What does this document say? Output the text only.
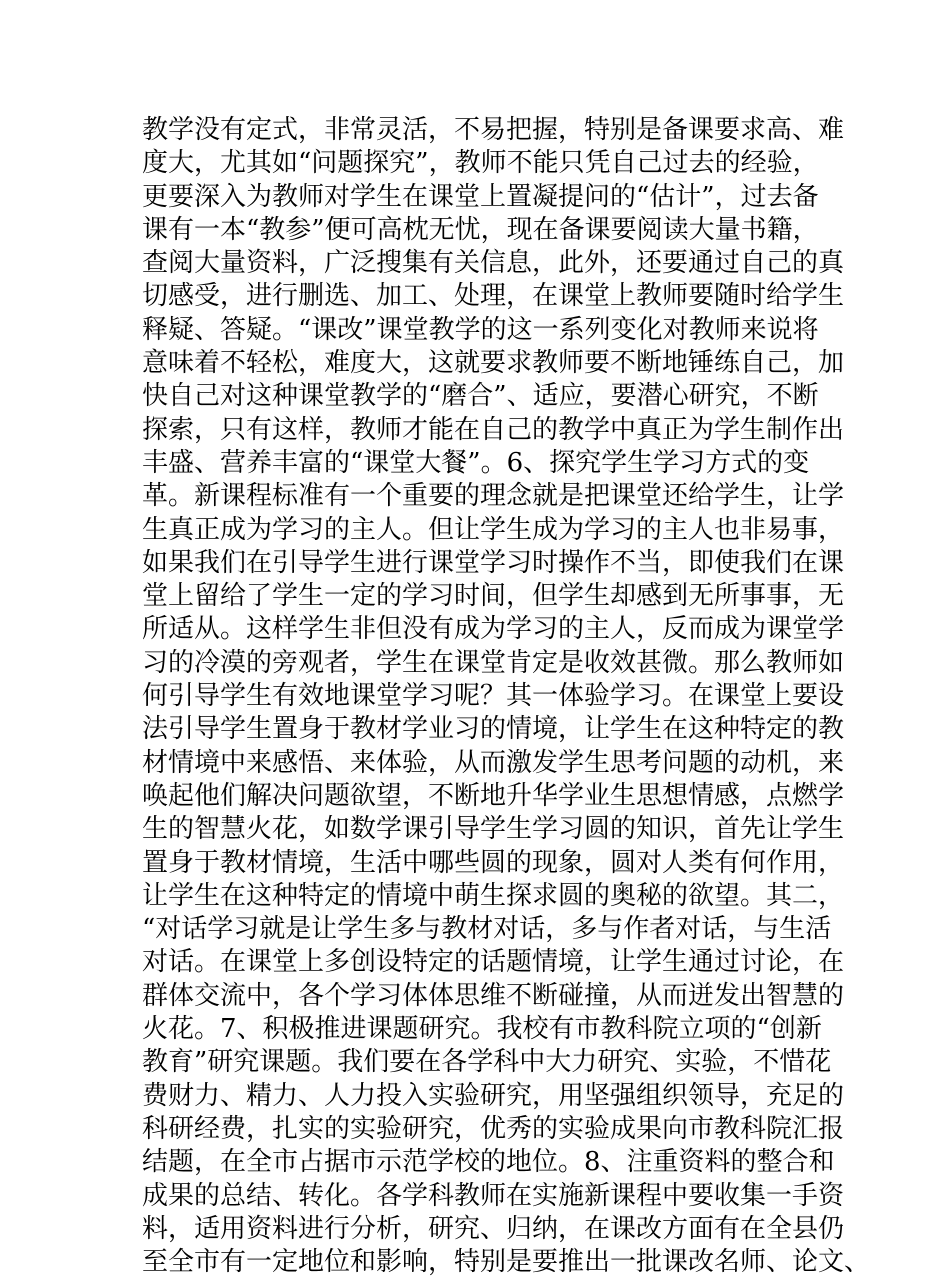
教学没有定式，非常灵活，不易把握，特别是备课要求高、难
度大，尤其如“问题探究”，教师不能只凭自己过去的经验，
更要深入为教师对学生在课堂上置凝提问的“估计”，过去备
课有一本“教参”便可高枕无忧，现在备课要阅读大量书籍，
查阅大量资料，广泛搜集有关信息，此外，还要通过自己的真
切感受，进行删选、加工、处理，在课堂上教师要随时给学生
释疑、答疑。“课改”课堂教学的这一系列变化对教师来说将
意味着不轻松，难度大，这就要求教师要不断地锤练自己，加
快自己对这种课堂教学的“磨合”、适应，要潜心研究，不断
探索，只有这样，教师才能在自己的教学中真正为学生制作出
丰盛、营养丰富的“课堂大餐”。6、探究学生学习方式的变
革。新课程标准有一个重要的理念就是把课堂还给学生，让学
生真正成为学习的主人。但让学生成为学习的主人也非易事，
如果我们在引导学生进行课堂学习时操作不当，即使我们在课
堂上留给了学生一定的学习时间，但学生却感到无所事事，无
所适从。这样学生非但没有成为学习的主人，反而成为课堂学
习的冷漠的旁观者，学生在课堂肯定是收效甚微。那么教师如
何引导学生有效地课堂学习呢？其一体验学习。在课堂上要设
法引导学生置身于教材学业习的情境，让学生在这种特定的教
材情境中来感悟、来体验，从而激发学生思考问题的动机，来
唤起他们解决问题欲望，不断地升华学业生思想情感，点燃学
生的智慧火花，如数学课引导学生学习圆的知识，首先让学生
置身于教材情境，生活中哪些圆的现象，圆对人类有何作用，
让学生在这种特定的情境中萌生探求圆的奥秘的欲望。其二，
“对话学习就是让学生多与教材对话，多与作者对话，与生活
对话。在课堂上多创设特定的话题情境，让学生通过讨论，在
群体交流中，各个学习体体思维不断碰撞，从而迸发出智慧的
火花。7、积极推进课题研究。我校有市教科院立项的“创新
教育”研究课题。我们要在各学科中大力研究、实验，不惜花
费财力、精力、人力投入实验研究，用坚强组织领导，充足的
科研经费，扎实的实验研究，优秀的实验成果向市教科院汇报
结题，在全市占据市示范学校的地位。8、注重资料的整合和
成果的总结、转化。各学科教师在实施新课程中要收集一手资
料，适用资料进行分析，研究、归纳，在课改方面有在全县仍
至全市有一定地位和影响，特别是要推出一批课改名师、论文、
